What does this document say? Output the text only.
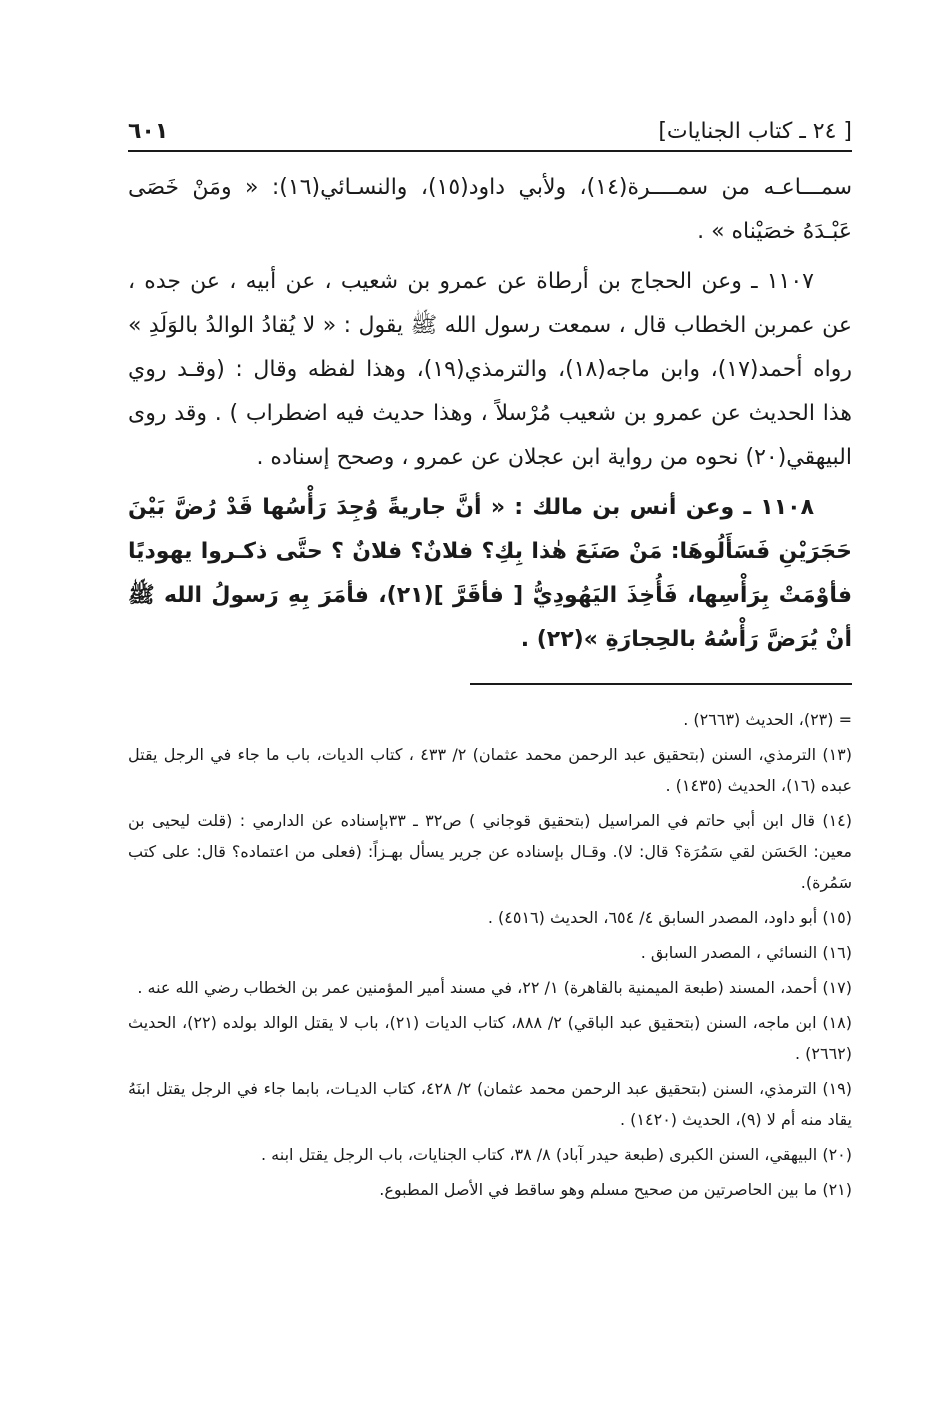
[ ٢٤ ـ كتاب الجنايات]
٦٠١

سمـــاعـه من سمــــرة(١٤)، ولأبي داود(١٥)، والنسـائي(١٦): « ومَنْ خَصَى عَبْـدَهُ خصَيْناه » .

١١٠٧ ـ وعن الحجاج بن أرطاة عن عمرو بن شعيب ، عن أبيه ، عن جده ، عن عمربن الخطاب قال ، سمعت رسول الله ﷺ يقول : « لا يُقادُ الوالدُ بالوَلَدِ » رواه أحمد(١٧)، وابن ماجه(١٨)، والترمذي(١٩)، وهذا لفظه وقال : (وقـد روي هذا الحديث عن عمرو بن شعيب مُرْسلاً ، وهذا حديث فيه اضطراب ) . وقد روى البيهقي(٢٠) نحوه من رواية ابن عجلان عن عمرو ، وصحح إسناده .

١١٠٨ ـ وعن أنس بن مالك : « أنَّ جاريةً وُجِدَ رَأْسُها قَدْ رُضَّ بَيْنَ حَجَرَيْنِ فَسَأَلُوهَا: مَنْ صَنَعَ هٰذا بِكِ؟ فلانٌ؟ فلانٌ ؟ حتَّى ذكـروا يهوديًا فأوْمَتْ بِرَأْسِها، فَأُخِذَ اليَهُودِيُّ [ فأقَرَّ ](٢١)، فأمَرَ بِهِ رَسولُ الله ﷺ أنْ يُرَضَّ رَأْسُهُ بالحِجارَةِ »(٢٢) .

= (٢٣)، الحديث (٢٦٦٣) .

(١٣) الترمذي، السنن (بتحقيق عبد الرحمن محمد عثمان) ٢/ ٤٣٣ ، كتاب الديات، باب ما جاء في الرجل يقتل عبده (١٦)، الحديث (١٤٣٥) .

(١٤) قال ابن أبي حاتم في المراسيل (بتحقيق قوجاني ) ص٣٢ ـ ٣٣بإسناده عن الدارمي : (قلت ليحيى بن معين: الحَسَن لقي سَمُرَة؟ قال: لا). وقـال بإسناده عن جرير يسأل بهـزاً: (فعلى من اعتماده؟ قال: على كتب سَمُرة).

(١٥) أبو داود، المصدر السابق ٤/ ٦٥٤، الحديث (٤٥١٦) .

(١٦) النسائي ، المصدر السابق .

(١٧) أحمد، المسند (طبعة الميمنية بالقاهرة) ١/ ٢٢، في مسند أمير المؤمنين عمر بن الخطاب رضي الله عنه .

(١٨) ابن ماجه، السنن (بتحقيق عبد الباقي) ٢/ ٨٨٨، كتاب الديات (٢١)، باب لا يقتل الوالد بولده (٢٢)، الحديث (٢٦٦٢) .

(١٩) الترمذي، السنن (بتحقيق عبد الرحمن محمد عثمان) ٢/ ٤٢٨، كتاب الديـات، بابما جاء في الرجل يقتل ابنَهُ يقاد منه أم لا (٩)، الحديث (١٤٢٠) .

(٢٠) البيهقي، السنن الكبرى (طبعة حيدر آباد) ٨/ ٣٨، كتاب الجنايات، باب الرجل يقتل ابنه .

(٢١) ما بين الحاصرتين من صحيح مسلم وهو ساقط في الأصل المطبوع.
